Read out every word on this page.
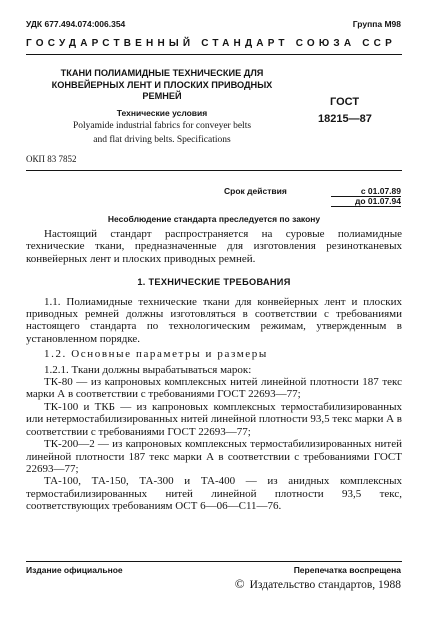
УДК 677.494.074:006.354	Группа М98
ГОСУДАРСТВЕННЫЙ СТАНДАРТ СОЮЗА ССР
ТКАНИ ПОЛИАМИДНЫЕ ТЕХНИЧЕСКИЕ ДЛЯ
КОНВЕЙЕРНЫХ ЛЕНТ И ПЛОСКИХ ПРИВОДНЫХ
РЕМНЕЙ
Технические условия
Polyamide industrial fabrics for conveyer belts
and flat driving belts. Specifications
ГОСТ
18215—87
ОКП 83 7852
Срок действия	с 01.07.89
до 01.07.94
Несоблюдение стандарта преследуется по закону

Настоящий стандарт распространяется на суровые полиамидные технические ткани, предназначенные для изготовления резинотканевых конвейерных лент и плоских приводных ремней.

1. ТЕХНИЧЕСКИЕ ТРЕБОВАНИЯ

1.1. Полиамидные технические ткани для конвейерных лент и плоских приводных ремней должны изготовляться в соответствии с требованиями настоящего стандарта по технологическим режимам, утвержденным в установленном порядке.

1.2. Основные параметры и размеры

1.2.1. Ткани должны вырабатываться марок:

ТК-80 — из капроновых комплексных нитей линейной плотности 187 текс марки А в соответствии с требованиями ГОСТ 22693—77;

ТК-100 и ТКБ — из капроновых комплексных термостабилизированных или нетермостабилизированных нитей линейной плотности 93,5 текс марки А в соответствии с требованиями ГОСТ 22693—77;

ТК-200—2 — из капроновых комплексных термостабилизированных нитей линейной плотности 187 текс марки А в соответствии с требованиями ГОСТ 22693—77;

ТА-100, ТА-150, ТА-300 и ТА-400 — из анидных комплексных термостабилизированных нитей линейной плотности 93,5 текс, соответствующих требованиям ОСТ 6—06—С11—76.

Издание официальное	Перепечатка воспрещена
© Издательство стандартов, 1988
